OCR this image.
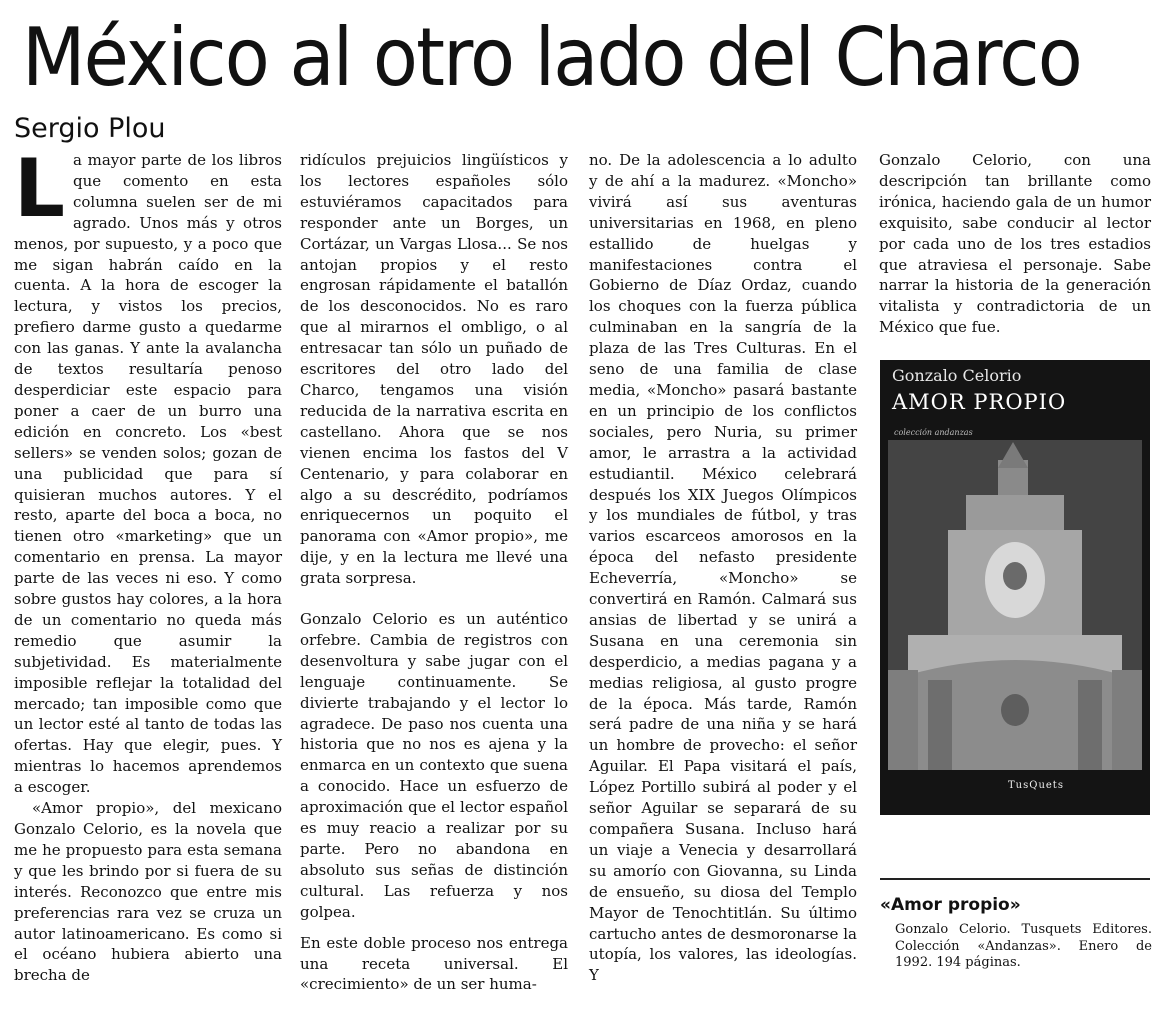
México al otro lado del Charco

Sergio Plou

La mayor parte de los libros que comento en esta columna suelen ser de mi agrado. Unos más y otros menos, por supuesto, y a poco que me sigan habrán caído en la cuenta. A la hora de escoger la lectura, y vistos los precios, prefiero darme gusto a quedarme con las ganas. Y ante la avalancha de textos resultaría penoso desperdiciar este espacio para poner a caer de un burro una edición en concreto. Los «best sellers» se venden solos; gozan de una publicidad que para sí quisieran muchos autores. Y el resto, aparte del boca a boca, no tienen otro «marketing» que un comentario en prensa. La mayor parte de las veces ni eso. Y como sobre gustos hay colores, a la hora de un comentario no queda más remedio que asumir la subjetividad. Es materialmente imposible reflejar la totalidad del mercado; tan imposible como que un lector esté al tanto de todas las ofertas. Hay que elegir, pues. Y mientras lo hacemos aprendemos a escoger.

«Amor propio», del mexicano Gonzalo Celorio, es la novela que me he propuesto para esta semana y que les brindo por si fuera de su interés. Reconozco que entre mis preferencias rara vez se cruza un autor latinoamericano. Es como si el océano hubiera abierto una brecha de

ridículos prejuicios lingüísticos y los lectores españoles sólo estuviéramos capacitados para responder ante un Borges, un Cortázar, un Vargas Llosa... Se nos antojan propios y el resto engrosan rápidamente el batallón de los desconocidos. No es raro que al mirarnos el ombligo, o al entresacar tan sólo un puñado de escritores del otro lado del Charco, tengamos una visión reducida de la narrativa escrita en castellano. Ahora que se nos vienen encima los fastos del V Centenario, y para colaborar en algo a su descrédito, podríamos enriquecernos un poquito el panorama con «Amor propio», me dije, y en la lectura me llevé una grata sorpresa.

Gonzalo Celorio es un auténtico orfebre. Cambia de registros con desenvoltura y sabe jugar con el lenguaje continuamente. Se divierte trabajando y el lector lo agradece. De paso nos cuenta una historia que no nos es ajena y la enmarca en un contexto que suena a conocido. Hace un esfuerzo de aproximación que el lector español es muy reacio a realizar por su parte. Pero no abandona en absoluto sus señas de distinción cultural. Las refuerza y nos golpea.

En este doble proceso nos entrega una receta universal. El «crecimiento» de un ser huma-

no. De la adolescencia a lo adulto y de ahí a la madurez. «Moncho» vivirá así sus aventuras universitarias en 1968, en pleno estallido de huelgas y manifestaciones contra el Gobierno de Díaz Ordaz, cuando los choques con la fuerza pública culminaban en la sangría de la plaza de las Tres Culturas. En el seno de una familia de clase media, «Moncho» pasará bastante en un principio de los conflictos sociales, pero Nuria, su primer amor, le arrastra a la actividad estudiantil. México celebrará después los XIX Juegos Olímpicos y los mundiales de fútbol, y tras varios escarceos amorosos en la época del nefasto presidente Echeverría, «Moncho» se convertirá en Ramón. Calmará sus ansias de libertad y se unirá a Susana en una ceremonia sin desperdicio, a medias pagana y a medias religiosa, al gusto progre de la época. Más tarde, Ramón será padre de una niña y se hará un hombre de provecho: el señor Aguilar. El Papa visitará el país, López Portillo subirá al poder y el señor Aguilar se separará de su compañera Susana. Incluso hará un viaje a Venecia y desarrollará su amorío con Giovanna, su Linda de ensueño, su diosa del Templo Mayor de Tenochtitlán. Su último cartucho antes de desmoronarse la utopía, los valores, las ideologías. Y

Gonzalo Celorio, con una descripción tan brillante como irónica, haciendo gala de un humor exquisito, sabe conducir al lector por cada uno de los tres estadios que atraviesa el personaje. Sabe narrar la historia de la generación vitalista y contradictoria de un México que fue.

Gonzalo Celorio
AMOR PROPIO
colección andanzas
TusQuets

«Amor propio»

Gonzalo Celorio. Tusquets Editores. Colección «Andanzas». Enero de 1992. 194 páginas.
